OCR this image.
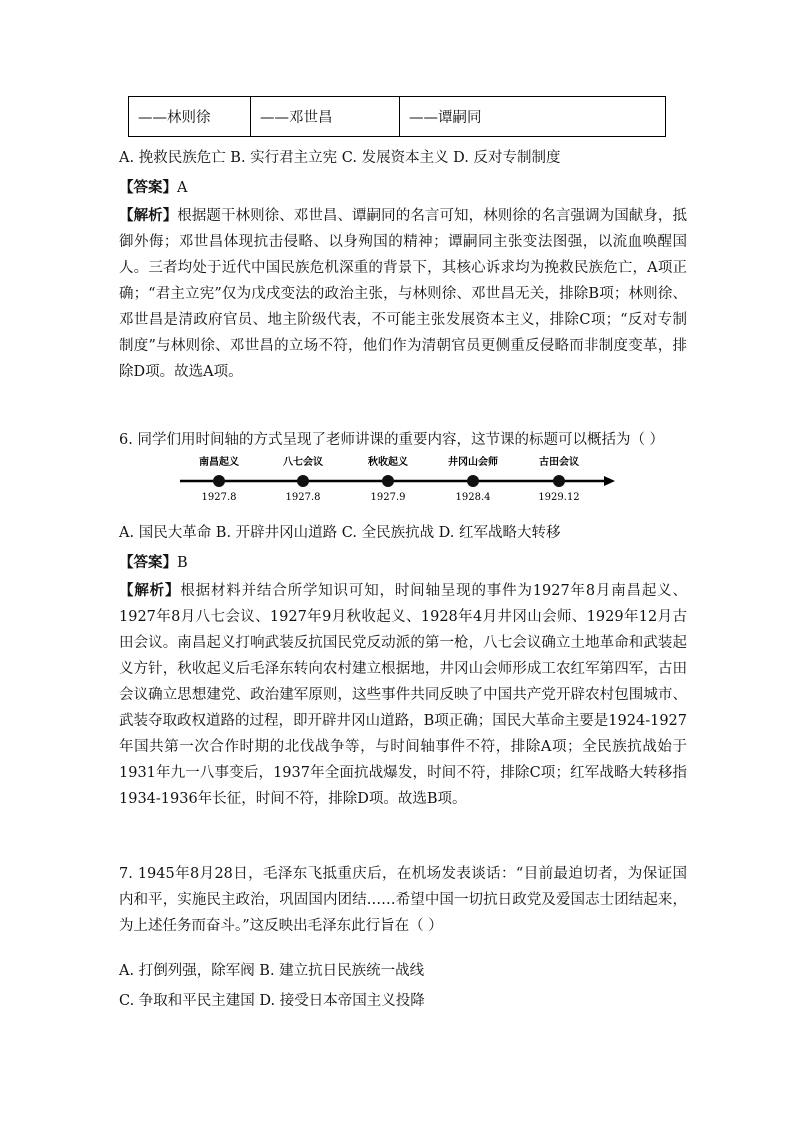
——林则徐	——邓世昌	——谭嗣同
A. 挽救民族危亡 B. 实行君主立宪 C. 发展资本主义 D. 反对专制制度
【答案】A
【解析】根据题干林则徐、邓世昌、谭嗣同的名言可知，林则徐的名言强调为国献身，抵御外侮；邓世昌体现抗击侵略、以身殉国的精神；谭嗣同主张变法图强，以流血唤醒国人。三者均处于近代中国民族危机深重的背景下，其核心诉求均为挽救民族危亡，A项正确；“君主立宪”仅为戊戌变法的政治主张，与林则徐、邓世昌无关，排除B项；林则徐、邓世昌是清政府官员、地主阶级代表，不可能主张发展资本主义，排除C项；“反对专制制度”与林则徐、邓世昌的立场不符，他们作为清朝官员更侧重反侵略而非制度变革，排除D项。故选A项。
6. 同学们用时间轴的方式呈现了老师讲课的重要内容，这节课的标题可以概括为（ ）
南昌起义
1927.8
八七会议
1927.8
秋收起义
1927.9
井冈山会师
1928.4
古田会议
1929.12
A. 国民大革命 B. 开辟井冈山道路 C. 全民族抗战 D. 红军战略大转移
【答案】B
【解析】根据材料并结合所学知识可知，时间轴呈现的事件为1927年8月南昌起义、1927年8月八七会议、1927年9月秋收起义、1928年4月井冈山会师、1929年12月古田会议。南昌起义打响武装反抗国民党反动派的第一枪，八七会议确立土地革命和武装起义方针，秋收起义后毛泽东转向农村建立根据地，井冈山会师形成工农红军第四军，古田会议确立思想建党、政治建军原则，这些事件共同反映了中国共产党开辟农村包围城市、武装夺取政权道路的过程，即开辟井冈山道路，B项正确；国民大革命主要是1924-1927年国共第一次合作时期的北伐战争等，与时间轴事件不符，排除A项；全民族抗战始于1931年九一八事变后，1937年全面抗战爆发，时间不符，排除C项；红军战略大转移指1934-1936年长征，时间不符，排除D项。故选B项。
7. 1945年8月28日，毛泽东飞抵重庆后，在机场发表谈话：“目前最迫切者，为保证国内和平，实施民主政治，巩固国内团结……希望中国一切抗日政党及爱国志士团结起来，为上述任务而奋斗。”这反映出毛泽东此行旨在（ ）
A. 打倒列强，除军阀 B. 建立抗日民族统一战线
C. 争取和平民主建国 D. 接受日本帝国主义投降
